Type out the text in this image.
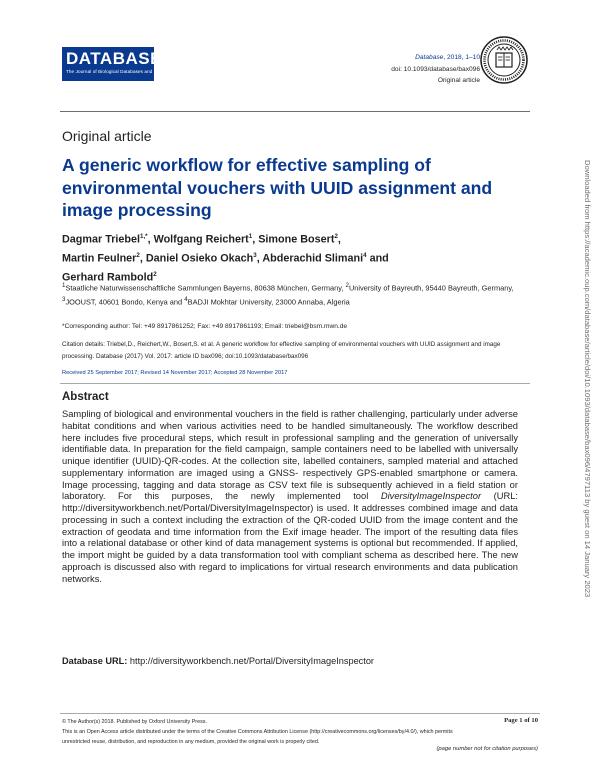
DATABASE
The Journal of Biological Databases and Curation
Database, 2018, 1–10
doi: 10.1093/database/bax096
Original article
Original article
A generic workflow for effective sampling of environmental vouchers with UUID assignment and image processing
Dagmar Triebel$^{1,*}$, Wolfgang Reichert$^1$, Simone Bosert$^2$,
Martin Feulner$^2$, Daniel Osieko Okach$^3$, Abderachid Slimani$^4$ and
Gerhard Rambold$^2$
$^1$Staatliche Naturwissenschaftliche Sammlungen Bayerns, 80638 München, Germany, $^2$University of Bayreuth, 95440 Bayreuth, Germany, $^3$JOOUST, 40601 Bondo, Kenya and $^4$BADJI Mokhtar University, 23000 Annaba, Algeria
*Corresponding author: Tel: +49 8917861252; Fax: +49 8917861193; Email: triebel@bsm.mwn.de
Citation details: Triebel,D., Reichert,W., Bosert,S. et al. A generic workflow for effective sampling of environmental vouchers with UUID assignment and image processing. Database (2017) Vol. 2017: article ID bax096; doi:10.1093/database/bax096
Received 25 September 2017; Revised 14 November 2017; Accepted 28 November 2017
Abstract
Sampling of biological and environmental vouchers in the field is rather challenging, particularly under adverse habitat conditions and when various activities need to be handled simultaneously. The workflow described here includes five procedural steps, which result in professional sampling and the generation of universally identifiable data. In preparation for the field campaign, sample containers need to be labelled with universally unique identifier (UUID)-QR-codes. At the collection site, labelled containers, sampled material and attached supplementary information are imaged using a GNSS- respectively GPS-enabled smartphone or camera. Image processing, tagging and data storage as CSV text file is subsequently achieved in a field station or laboratory. For this purposes, the newly implemented tool DiversityImageInspector (URL: http://diversityworkbench.net/Portal/DiversityImageInspector) is used. It addresses combined image and data processing in such a context including the extraction of the QR-coded UUID from the image content and the extraction of geodata and time information from the Exif image header. The import of the resulting data files into a relational database or other kind of data management systems is optional but recommended. If applied, the import might be guided by a data transformation tool with compliant schema as described here. The new approach is discussed also with regard to implications for virtual research environments and data publication networks.
Database URL: http://diversityworkbench.net/Portal/DiversityImageInspector
© The Author(s) 2018. Published by Oxford University Press.
This is an Open Access article distributed under the terms of the Creative Commons Attribution License (http://creativecommons.org/licenses/by/4.0/), which permits
unrestricted reuse, distribution, and reproduction in any medium, provided the original work is properly cited.
Page 1 of 10
(page number not for citation purposes)
Downloaded from https://academic.oup.com/database/article/doi/10.1093/database/bax096/4797113 by guest on 14 January 2023
